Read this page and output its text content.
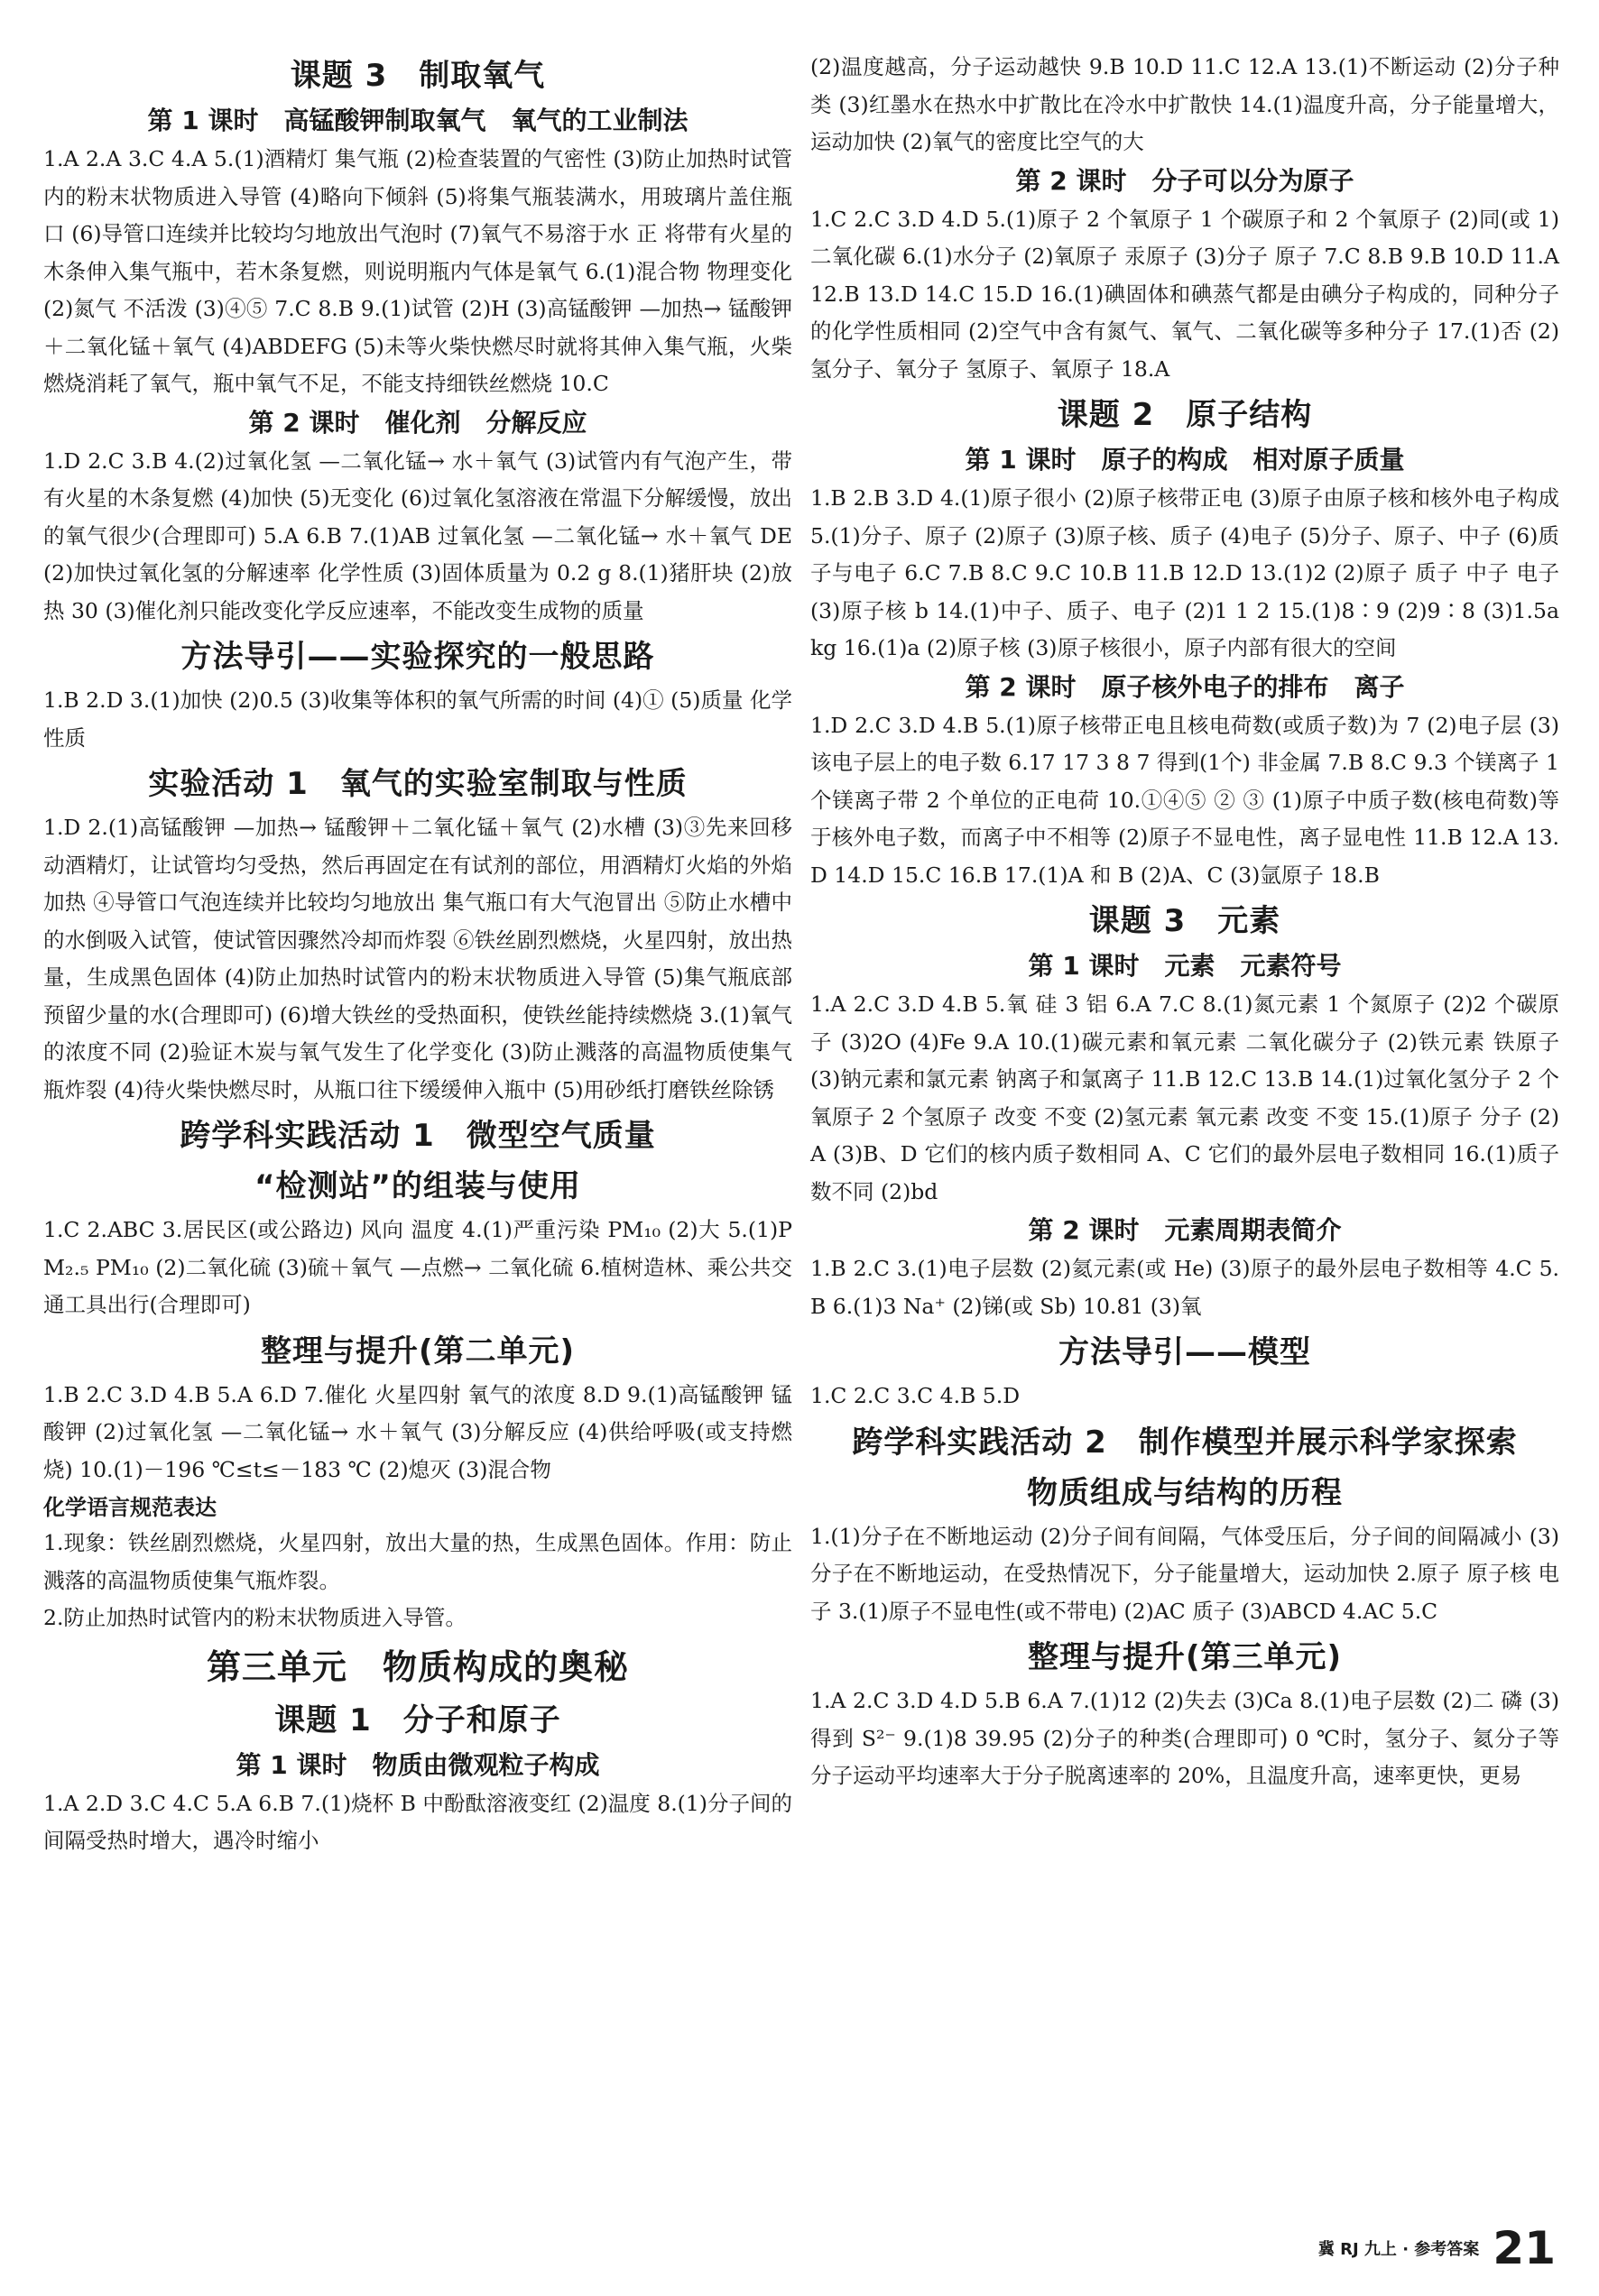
课题 3　制取氧气
第 1 课时　高锰酸钾制取氧气　氧气的工业制法

1.A 2.A 3.C 4.A 5.(1)酒精灯 集气瓶 (2)检查装置的气密性 (3)防止加热时试管内的粉末状物质进入导管 (4)略向下倾斜 (5)将集气瓶装满水，用玻璃片盖住瓶口 (6)导管口连续并比较均匀地放出气泡时 (7)氧气不易溶于水 正 将带有火星的木条伸入集气瓶中，若木条复燃，则说明瓶内气体是氧气 6.(1)混合物 物理变化 (2)氮气 不活泼 (3)④⑤ 7.C 8.B 9.(1)试管 (2)H (3)高锰酸钾 —加热→ 锰酸钾＋二氧化锰＋氧气 (4)ABDEFG (5)未等火柴快燃尽时就将其伸入集气瓶，火柴燃烧消耗了氧气，瓶中氧气不足，不能支持细铁丝燃烧 10.C

第 2 课时　催化剂　分解反应

1.D 2.C 3.B 4.(2)过氧化氢 —二氧化锰→ 水＋氧气 (3)试管内有气泡产生，带有火星的木条复燃 (4)加快 (5)无变化 (6)过氧化氢溶液在常温下分解缓慢，放出的氧气很少(合理即可) 5.A 6.B 7.(1)AB 过氧化氢 —二氧化锰→ 水＋氧气 DE (2)加快过氧化氢的分解速率 化学性质 (3)固体质量为 0.2 g 8.(1)猪肝块 (2)放热 30 (3)催化剂只能改变化学反应速率，不能改变生成物的质量

方法导引——实验探究的一般思路

1.B 2.D 3.(1)加快 (2)0.5 (3)收集等体积的氧气所需的时间 (4)① (5)质量 化学性质

实验活动 1　氧气的实验室制取与性质

1.D 2.(1)高锰酸钾 —加热→ 锰酸钾＋二氧化锰＋氧气 (2)水槽 (3)③先来回移动酒精灯，让试管均匀受热，然后再固定在有试剂的部位，用酒精灯火焰的外焰加热 ④导管口气泡连续并比较均匀地放出 集气瓶口有大气泡冒出 ⑤防止水槽中的水倒吸入试管，使试管因骤然冷却而炸裂 ⑥铁丝剧烈燃烧，火星四射，放出热量，生成黑色固体 (4)防止加热时试管内的粉末状物质进入导管 (5)集气瓶底部预留少量的水(合理即可) (6)增大铁丝的受热面积，使铁丝能持续燃烧 3.(1)氧气的浓度不同 (2)验证木炭与氧气发生了化学变化 (3)防止溅落的高温物质使集气瓶炸裂 (4)待火柴快燃尽时，从瓶口往下缓缓伸入瓶中 (5)用砂纸打磨铁丝除锈

跨学科实践活动 1　微型空气质量
“检测站”的组装与使用

1.C 2.ABC 3.居民区(或公路边) 风向 温度 4.(1)严重污染 PM₁₀ (2)大 5.(1)PM₂.₅ PM₁₀ (2)二氧化硫 (3)硫＋氧气 —点燃→ 二氧化硫 6.植树造林、乘公共交通工具出行(合理即可)

整理与提升(第二单元)

1.B 2.C 3.D 4.B 5.A 6.D 7.催化 火星四射 氧气的浓度 8.D 9.(1)高锰酸钾 锰酸钾 (2)过氧化氢 —二氧化锰→ 水＋氧气 (3)分解反应 (4)供给呼吸(或支持燃烧) 10.(1)－196 ℃≤t≤－183 ℃ (2)熄灭 (3)混合物

化学语言规范表达

1.现象：铁丝剧烈燃烧，火星四射，放出大量的热，生成黑色固体。作用：防止溅落的高温物质使集气瓶炸裂。

2.防止加热时试管内的粉末状物质进入导管。

第三单元　物质构成的奥秘
课题 1　分子和原子
第 1 课时　物质由微观粒子构成

1.A 2.D 3.C 4.C 5.A 6.B 7.(1)烧杯 B 中酚酞溶液变红 (2)温度 8.(1)分子间的间隔受热时增大，遇冷时缩小

(2)温度越高，分子运动越快 9.B 10.D 11.C 12.A 13.(1)不断运动 (2)分子种类 (3)红墨水在热水中扩散比在冷水中扩散快 14.(1)温度升高，分子能量增大，运动加快 (2)氧气的密度比空气的大

第 2 课时　分子可以分为原子

1.C 2.C 3.D 4.D 5.(1)原子 2 个氧原子 1 个碳原子和 2 个氧原子 (2)同(或 1) 二氧化碳 6.(1)水分子 (2)氧原子 汞原子 (3)分子 原子 7.C 8.B 9.B 10.D 11.A 12.B 13.D 14.C 15.D 16.(1)碘固体和碘蒸气都是由碘分子构成的，同种分子的化学性质相同 (2)空气中含有氮气、氧气、二氧化碳等多种分子 17.(1)否 (2)氢分子、氧分子 氢原子、氧原子 18.A

课题 2　原子结构
第 1 课时　原子的构成　相对原子质量

1.B 2.B 3.D 4.(1)原子很小 (2)原子核带正电 (3)原子由原子核和核外电子构成 5.(1)分子、原子 (2)原子 (3)原子核、质子 (4)电子 (5)分子、原子、中子 (6)质子与电子 6.C 7.B 8.C 9.C 10.B 11.B 12.D 13.(1)2 (2)原子 质子 中子 电子 (3)原子核 b 14.(1)中子、质子、电子 (2)1 1 2 15.(1)8∶9 (2)9∶8 (3)1.5a kg 16.(1)a (2)原子核 (3)原子核很小，原子内部有很大的空间

第 2 课时　原子核外电子的排布　离子

1.D 2.C 3.D 4.B 5.(1)原子核带正电且核电荷数(或质子数)为 7 (2)电子层 (3)该电子层上的电子数 6.17 17 3 8 7 得到(1个) 非金属 7.B 8.C 9.3 个镁离子 1 个镁离子带 2 个单位的正电荷 10.①④⑤ ② ③ (1)原子中质子数(核电荷数)等于核外电子数，而离子中不相等 (2)原子不显电性，离子显电性 11.B 12.A 13.D 14.D 15.C 16.B 17.(1)A 和 B (2)A、C (3)氩原子 18.B

课题 3　元素
第 1 课时　元素　元素符号

1.A 2.C 3.D 4.B 5.氧 硅 3 铝 6.A 7.C 8.(1)氮元素 1 个氮原子 (2)2 个碳原子 (3)2O (4)Fe 9.A 10.(1)碳元素和氧元素 二氧化碳分子 (2)铁元素 铁原子 (3)钠元素和氯元素 钠离子和氯离子 11.B 12.C 13.B 14.(1)过氧化氢分子 2 个氧原子 2 个氢原子 改变 不变 (2)氢元素 氧元素 改变 不变 15.(1)原子 分子 (2)A (3)B、D 它们的核内质子数相同 A、C 它们的最外层电子数相同 16.(1)质子数不同 (2)bd

第 2 课时　元素周期表简介

1.B 2.C 3.(1)电子层数 (2)氦元素(或 He) (3)原子的最外层电子数相等 4.C 5.B 6.(1)3 Na⁺ (2)锑(或 Sb) 10.81 (3)氧

方法导引——模型

1.C 2.C 3.C 4.B 5.D

跨学科实践活动 2　制作模型并展示科学家探索
物质组成与结构的历程

1.(1)分子在不断地运动 (2)分子间有间隔，气体受压后，分子间的间隔减小 (3)分子在不断地运动，在受热情况下，分子能量增大，运动加快 2.原子 原子核 电子 3.(1)原子不显电性(或不带电) (2)AC 质子 (3)ABCD 4.AC 5.C

整理与提升(第三单元)

1.A 2.C 3.D 4.D 5.B 6.A 7.(1)12 (2)失去 (3)Ca 8.(1)电子层数 (2)二 磷 (3)得到 S²⁻ 9.(1)8 39.95 (2)分子的种类(合理即可) 0 ℃时，氢分子、氦分子等分子运动平均速率大于分子脱离速率的 20%，且温度升高，速率更快，更易

冀 RJ 九上 · 参考答案 21
